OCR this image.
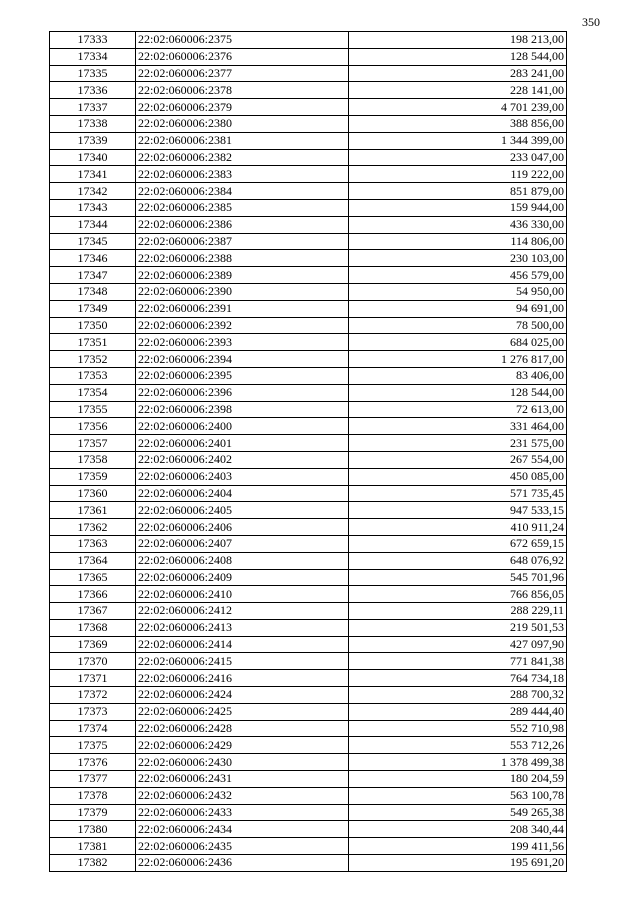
350
17333	22:02:060006:2375	198 213,00
17334	22:02:060006:2376	128 544,00
17335	22:02:060006:2377	283 241,00
17336	22:02:060006:2378	228 141,00
17337	22:02:060006:2379	4 701 239,00
17338	22:02:060006:2380	388 856,00
17339	22:02:060006:2381	1 344 399,00
17340	22:02:060006:2382	233 047,00
17341	22:02:060006:2383	119 222,00
17342	22:02:060006:2384	851 879,00
17343	22:02:060006:2385	159 944,00
17344	22:02:060006:2386	436 330,00
17345	22:02:060006:2387	114 806,00
17346	22:02:060006:2388	230 103,00
17347	22:02:060006:2389	456 579,00
17348	22:02:060006:2390	54 950,00
17349	22:02:060006:2391	94 691,00
17350	22:02:060006:2392	78 500,00
17351	22:02:060006:2393	684 025,00
17352	22:02:060006:2394	1 276 817,00
17353	22:02:060006:2395	83 406,00
17354	22:02:060006:2396	128 544,00
17355	22:02:060006:2398	72 613,00
17356	22:02:060006:2400	331 464,00
17357	22:02:060006:2401	231 575,00
17358	22:02:060006:2402	267 554,00
17359	22:02:060006:2403	450 085,00
17360	22:02:060006:2404	571 735,45
17361	22:02:060006:2405	947 533,15
17362	22:02:060006:2406	410 911,24
17363	22:02:060006:2407	672 659,15
17364	22:02:060006:2408	648 076,92
17365	22:02:060006:2409	545 701,96
17366	22:02:060006:2410	766 856,05
17367	22:02:060006:2412	288 229,11
17368	22:02:060006:2413	219 501,53
17369	22:02:060006:2414	427 097,90
17370	22:02:060006:2415	771 841,38
17371	22:02:060006:2416	764 734,18
17372	22:02:060006:2424	288 700,32
17373	22:02:060006:2425	289 444,40
17374	22:02:060006:2428	552 710,98
17375	22:02:060006:2429	553 712,26
17376	22:02:060006:2430	1 378 499,38
17377	22:02:060006:2431	180 204,59
17378	22:02:060006:2432	563 100,78
17379	22:02:060006:2433	549 265,38
17380	22:02:060006:2434	208 340,44
17381	22:02:060006:2435	199 411,56
17382	22:02:060006:2436	195 691,20
